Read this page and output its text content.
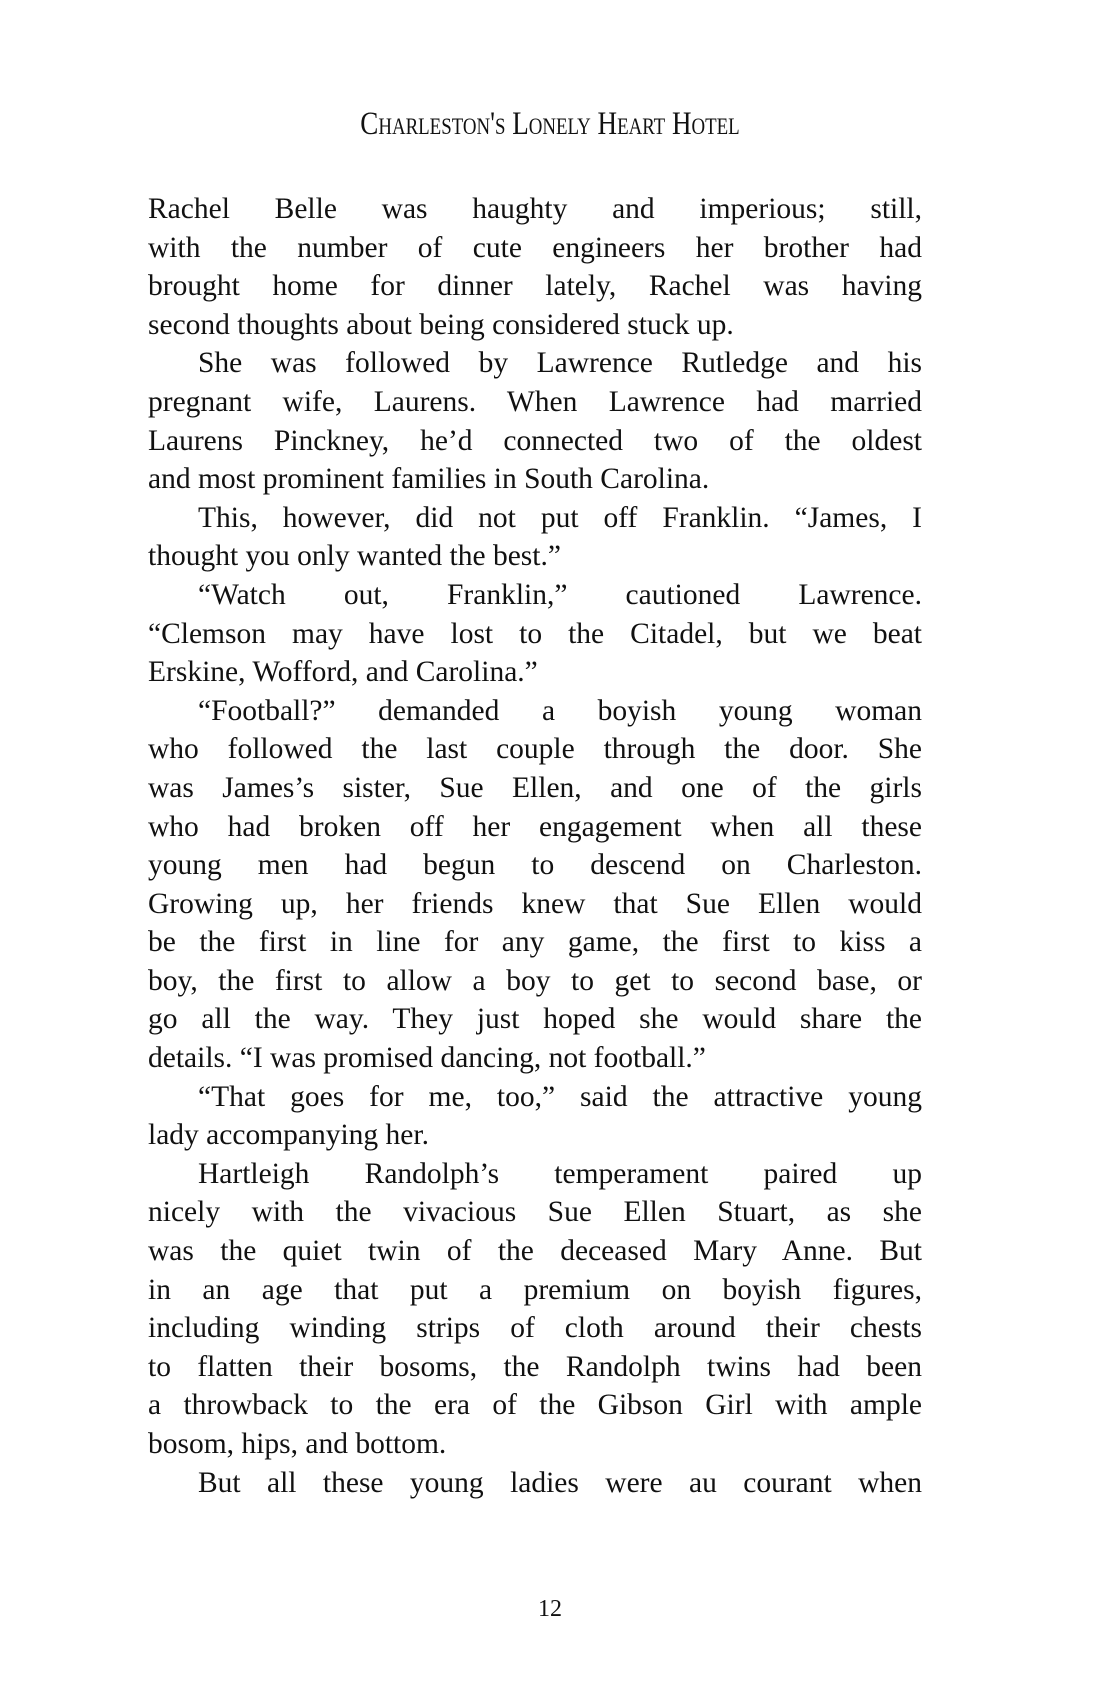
Charleston's Lonely Heart Hotel
Rachel Belle was haughty and imperious; still,
with the number of cute engineers her brother had
brought home for dinner lately, Rachel was having
second thoughts about being considered stuck up.
She was followed by Lawrence Rutledge and his
pregnant wife, Laurens. When Lawrence had married
Laurens Pinckney, he’d connected two of the oldest
and most prominent families in South Carolina.
This, however, did not put off Franklin. “James, I
thought you only wanted the best.”
“Watch out, Franklin,” cautioned Lawrence.
“Clemson may have lost to the Citadel, but we beat
Erskine, Wofford, and Carolina.”
“Football?” demanded a boyish young woman
who followed the last couple through the door. She
was James’s sister, Sue Ellen, and one of the girls
who had broken off her engagement when all these
young men had begun to descend on Charleston.
Growing up, her friends knew that Sue Ellen would
be the first in line for any game, the first to kiss a
boy, the first to allow a boy to get to second base, or
go all the way. They just hoped she would share the
details. “I was promised dancing, not football.”
“That goes for me, too,” said the attractive young
lady accompanying her.
Hartleigh Randolph’s temperament paired up
nicely with the vivacious Sue Ellen Stuart, as she
was the quiet twin of the deceased Mary Anne. But
in an age that put a premium on boyish figures,
including winding strips of cloth around their chests
to flatten their bosoms, the Randolph twins had been
a throwback to the era of the Gibson Girl with ample
bosom, hips, and bottom.
But all these young ladies were au courant when
12
